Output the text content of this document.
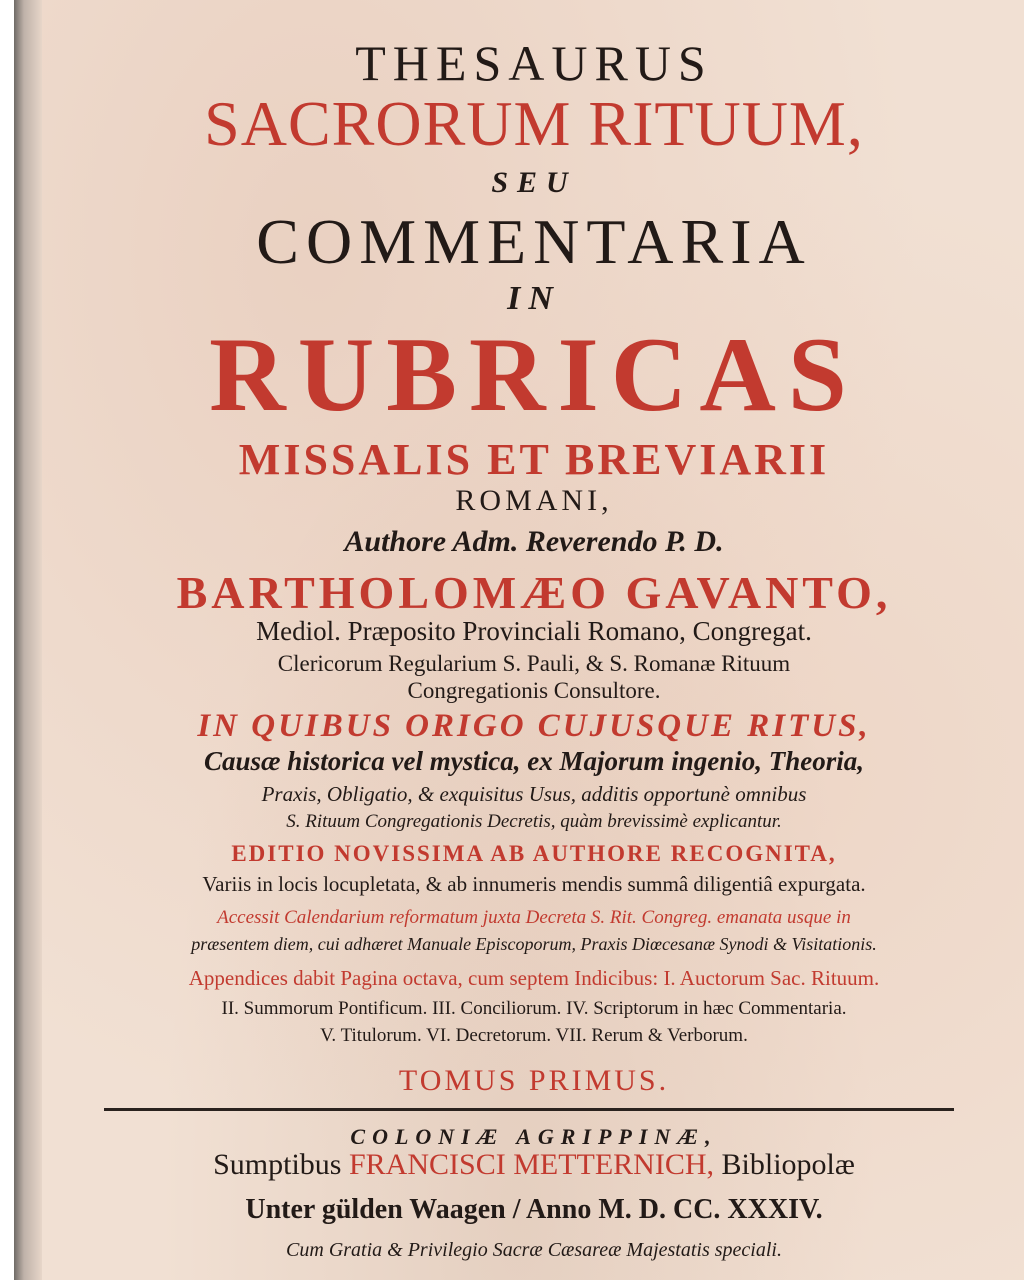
THESAURUS

SACRORUM RITUUM,

SEU

COMMENTARIA

IN

RUBRICAS

MISSALIS ET BREVIARII

ROMANI,

Authore Adm. Reverendo P. D.

BARTHOLOMÆO GAVANTO,

Mediol. Præposito Provinciali Romano, Congregat.

Clericorum Regularium S. Pauli, & S. Romanæ Rituum

Congregationis Consultore.

IN QUIBUS ORIGO CUJUSQUE RITUS,

Causæ historica vel mystica, ex Majorum ingenio, Theoria,

Praxis, Obligatio, & exquisitus Usus, additis opportunè omnibus

S. Rituum Congregationis Decretis, quàm brevissimè explicantur.

EDITIO NOVISSIMA AB AUTHORE RECOGNITA,

Variis in locis locupletata, & ab innumeris mendis summâ diligentiâ expurgata.

Accessit Calendarium reformatum juxta Decreta S. Rit. Congreg. emanata usque in

præsentem diem, cui adhæret Manuale Episcoporum, Praxis Diœcesanæ Synodi & Visitationis.

Appendices dabit Pagina octava, cum septem Indicibus: I. Auctorum Sac. Rituum.

II. Summorum Pontificum. III. Conciliorum. IV. Scriptorum in hæc Commentaria.

V. Titulorum. VI. Decretorum. VII. Rerum & Verborum.

TOMUS PRIMUS.

COLONIÆ AGRIPPINÆ,

Sumptibus FRANCISCI METTERNICH, Bibliopolæ

Unter gülden Waagen / Anno M. D. CC. XXXIV.

Cum Gratia & Privilegio Sacræ Cæsareæ Majestatis speciali.
